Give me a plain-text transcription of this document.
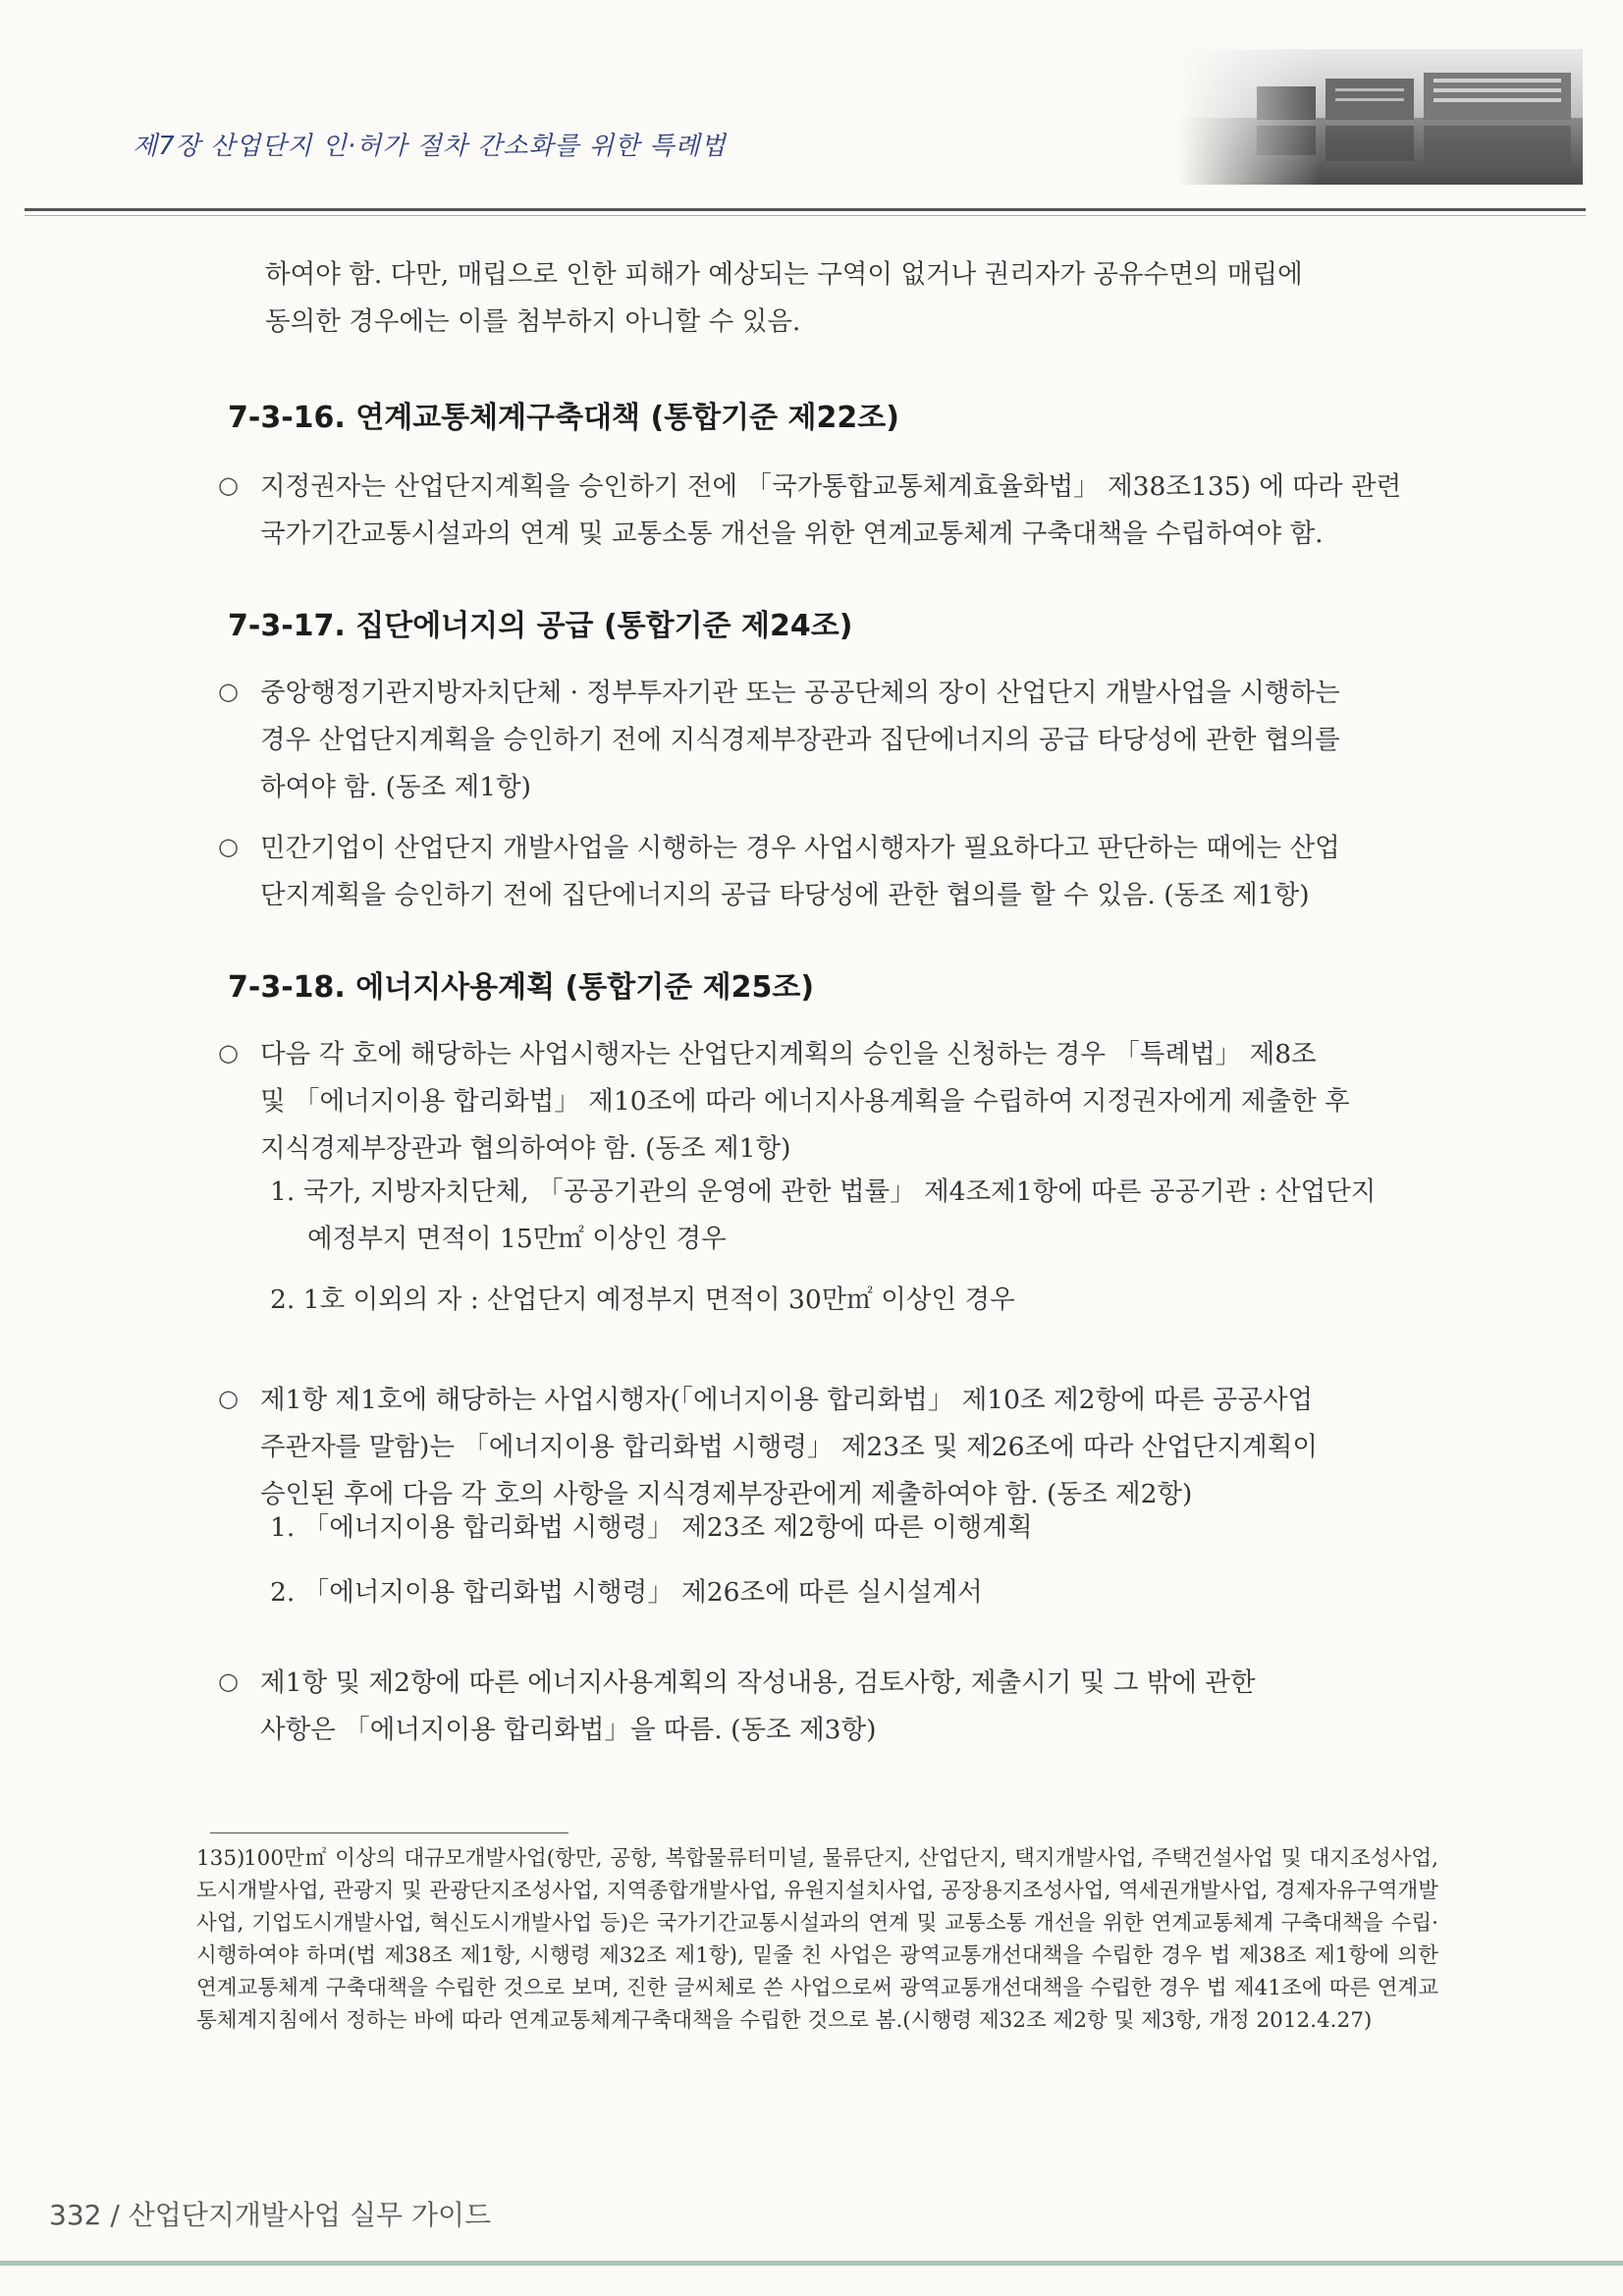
제7장 산업단지 인·허가 절차 간소화를 위한 특례법
하여야 함. 다만, 매립으로 인한 피해가 예상되는 구역이 없거나 권리자가 공유수면의 매립에
동의한 경우에는 이를 첨부하지 아니할 수 있음.
7-3-16. 연계교통체계구축대책 (통합기준 제22조)
○ 지정권자는 산업단지계획을 승인하기 전에 「국가통합교통체계효율화법」 제38조135) 에 따라 관련
국가기간교통시설과의 연계 및 교통소통 개선을 위한 연계교통체계 구축대책을 수립하여야 함.
7-3-17. 집단에너지의 공급 (통합기준 제24조)
○ 중앙행정기관지방자치단체 · 정부투자기관 또는 공공단체의 장이 산업단지 개발사업을 시행하는
경우 산업단지계획을 승인하기 전에 지식경제부장관과 집단에너지의 공급 타당성에 관한 협의를
하여야 함. (동조 제1항)
○ 민간기업이 산업단지 개발사업을 시행하는 경우 사업시행자가 필요하다고 판단하는 때에는 산업
단지계획을 승인하기 전에 집단에너지의 공급 타당성에 관한 협의를 할 수 있음. (동조 제1항)
7-3-18. 에너지사용계획 (통합기준 제25조)
○ 다음 각 호에 해당하는 사업시행자는 산업단지계획의 승인을 신청하는 경우 「특례법」 제8조
및 「에너지이용 합리화법」 제10조에 따라 에너지사용계획을 수립하여 지정권자에게 제출한 후
지식경제부장관과 협의하여야 함. (동조 제1항)
1. 국가, 지방자치단체, 「공공기관의 운영에 관한 법률」 제4조제1항에 따른 공공기관 : 산업단지
예정부지 면적이 15만㎡ 이상인 경우
2. 1호 이외의 자 : 산업단지 예정부지 면적이 30만㎡ 이상인 경우
○ 제1항 제1호에 해당하는 사업시행자(「에너지이용 합리화법」 제10조 제2항에 따른 공공사업
주관자를 말함)는 「에너지이용 합리화법 시행령」 제23조 및 제26조에 따라 산업단지계획이
승인된 후에 다음 각 호의 사항을 지식경제부장관에게 제출하여야 함. (동조 제2항)
1. 「에너지이용 합리화법 시행령」 제23조 제2항에 따른 이행계획
2. 「에너지이용 합리화법 시행령」 제26조에 따른 실시설계서
○ 제1항 및 제2항에 따른 에너지사용계획의 작성내용, 검토사항, 제출시기 및 그 밖에 관한
사항은 「에너지이용 합리화법」을 따름. (동조 제3항)
135)100만㎡ 이상의 대규모개발사업(항만, 공항, 복합물류터미널, 물류단지, 산업단지, 택지개발사업, 주택건설사업 및 대지조성사업, 도시개발사업, 관광지 및 관광단지조성사업, 지역종합개발사업, 유원지설치사업, 공장용지조성사업, 역세권개발사업, 경제자유구역개발사업, 기업도시개발사업, 혁신도시개발사업 등)은 국가기간교통시설과의 연계 및 교통소통 개선을 위한 연계교통체계 구축대책을 수립·시행하여야 하며(법 제38조 제1항, 시행령 제32조 제1항), 밑줄 친 사업은 광역교통개선대책을 수립한 경우 법 제38조 제1항에 의한 연계교통체계 구축대책을 수립한 것으로 보며, 진한 글씨체로 쓴 사업으로써 광역교통개선대책을 수립한 경우 법 제41조에 따른 연계교통체계지침에서 정하는 바에 따라 연계교통체계구축대책을 수립한 것으로 봄.(시행령 제32조 제2항 및 제3항, 개정 2012.4.27)
332 / 산업단지개발사업 실무 가이드
